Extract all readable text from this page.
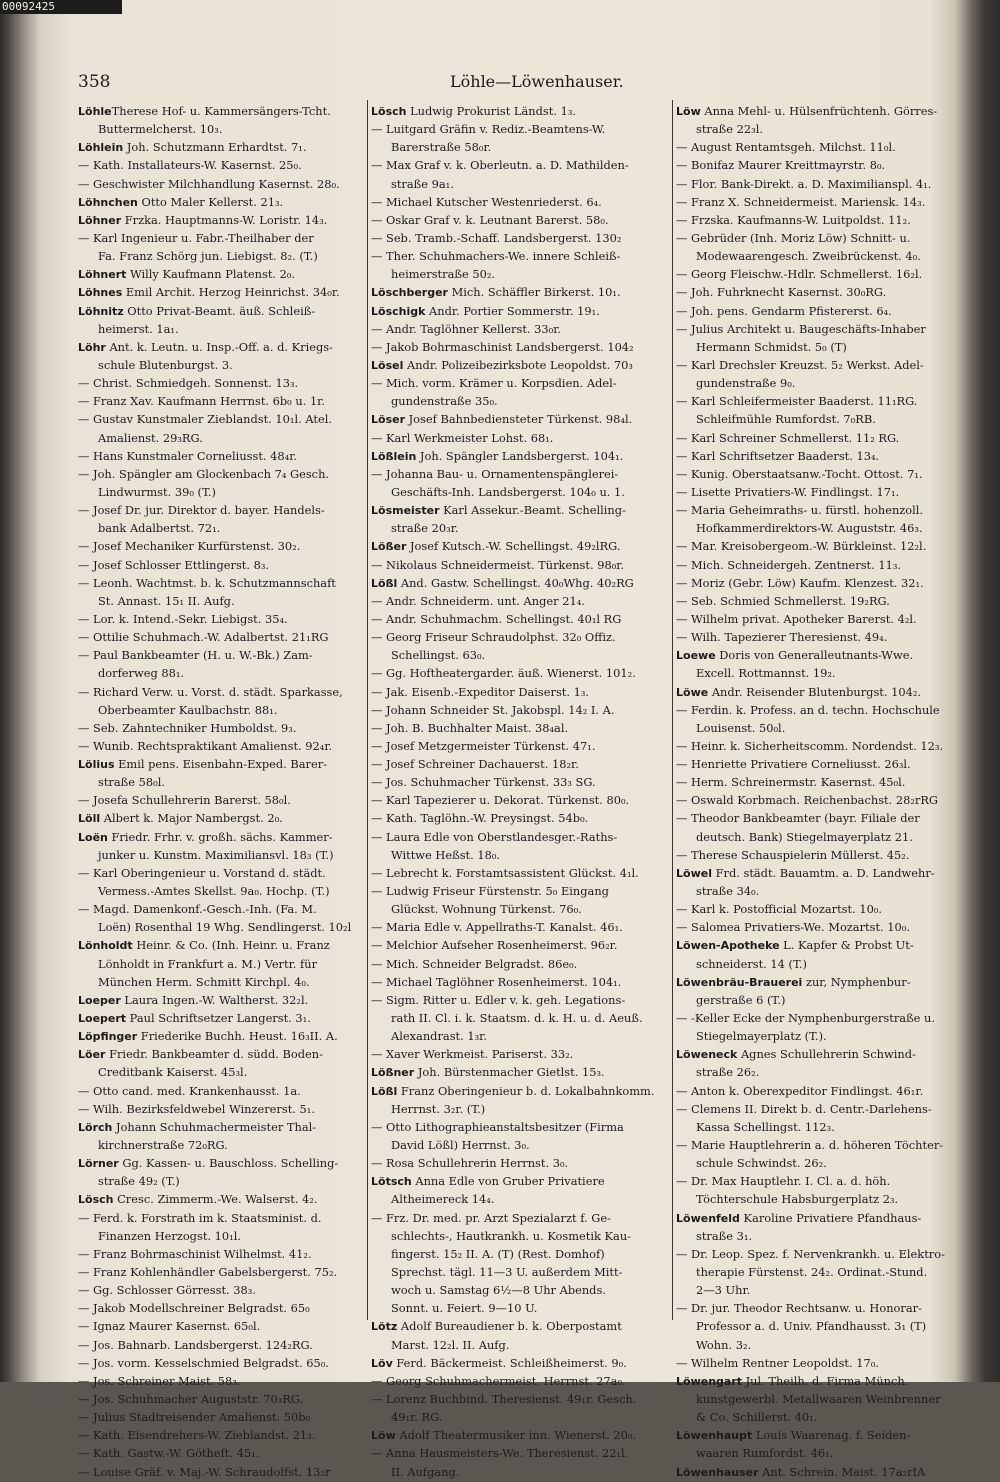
00092425
358	Löhle—Löwenhauser.
LöhleTherese Hof- u. Kammersängers-Tcht.
Buttermelcherst. 10₃.
Löhlein Joh. Schutzmann Erhardtst. 7₁.
— Kath. Installateurs-W. Kasernst. 25₀.
— Geschwister Milchhandlung Kasernst. 28₀.
Löhnchen Otto Maler Kellerst. 21₃.
Löhner Frzka. Hauptmanns-W. Loristr. 14₃.
— Karl Ingenieur u. Fabr.-Theilhaber der
Fa. Franz Schörg jun. Liebigst. 8₂. (T.)
Löhnert Willy Kaufmann Platenst. 2₀.
Löhnes Emil Archit. Herzog Heinrichst. 34₀r.
Löhnitz Otto Privat-Beamt. äuß. Schleiß-
heimerst. 1a₁.
Löhr Ant. k. Leutn. u. Insp.-Off. a. d. Kriegs-
schule Blutenburgst. 3.
— Christ. Schmiedgeh. Sonnenst. 13₃.
— Franz Xav. Kaufmann Herrnst. 6b₀ u. 1r.
— Gustav Kunstmaler Zieblandst. 10₁l. Atel.
Amalienst. 29₃RG.
— Hans Kunstmaler Corneliusst. 48₄r.
— Joh. Spängler am Glockenbach 7₄ Gesch.
Lindwurmst. 39₀ (T.)
— Josef Dr. jur. Direktor d. bayer. Handels-
bank Adalbertst. 72₁.
— Josef Mechaniker Kurfürstenst. 30₂.
— Josef Schlosser Ettlingerst. 8₃.
— Leonh. Wachtmst. b. k. Schutzmannschaft
St. Annast. 15₁ II. Aufg.
— Lor. k. Intend.-Sekr. Liebigst. 35₄.
— Ottilie Schuhmach.-W. Adalbertst. 21₁RG
— Paul Bankbeamter (H. u. W.-Bk.) Zam-
dorferweg 88₁.
— Richard Verw. u. Vorst. d. städt. Sparkasse,
Oberbeamter Kaulbachstr. 88₁.
— Seb. Zahntechniker Humboldst. 9₃.
— Wunib. Rechtspraktikant Amalienst. 92₄r.
Lölius Emil pens. Eisenbahn-Exped. Barer-
straße 58₀l.
— Josefa Schullehrerin Barerst. 58₀l.
Löll Albert k. Major Nambergst. 2₀.
Loën Friedr. Frhr. v. großh. sächs. Kammer-
junker u. Kunstm. Maximiliansvl. 18₃ (T.)
— Karl Oberingenieur u. Vorstand d. städt.
Vermess.-Amtes Skellst. 9a₀. Hochp. (T.)
— Magd. Damenkonf.-Gesch.-Inh. (Fa. M.
Loën) Rosenthal 19 Whg. Sendlingerst. 10₂l
Lönholdt Heinr. & Co. (Inh. Heinr. u. Franz
Lönholdt in Frankfurt a. M.) Vertr. für
München Herm. Schmitt Kirchpl. 4₀.
Loeper Laura Ingen.-W. Waltherst. 32₂l.
Loepert Paul Schriftsetzer Langerst. 3₁.
Löpfinger Friederike Buchh. Heust. 16₃II. A.
Löer Friedr. Bankbeamter d. südd. Boden-
Creditbank Kaiserst. 45₃l.
— Otto cand. med. Krankenhausst. 1a.
— Wilh. Bezirksfeldwebel Winzererst. 5₁.
Lörch Johann Schuhmachermeister Thal-
kirchnerstraße 72₀RG.
Lörner Gg. Kassen- u. Bauschloss. Schelling-
straße 49₂ (T.)
Lösch Cresc. Zimmerm.-We. Walserst. 4₂.
— Ferd. k. Forstrath im k. Staatsminist. d.
Finanzen Herzogst. 10₁l.
— Franz Bohrmaschinist Wilhelmst. 41₂.
— Franz Kohlenhändler Gabelsbergerst. 75₂.
— Gg. Schlosser Görresst. 38₃.
— Jakob Modellschreiner Belgradst. 65₀
— Ignaz Maurer Kasernst. 65₀l.
— Jos. Bahnarb. Landsbergerst. 124₂RG.
— Jos. vorm. Kesselschmied Belgradst. 65₀.
— Jos. Schreiner Maist. 58₃.
— Jos. Schuhmacher Auguststr. 70₃RG.
— Julius Stadtreisender Amalienst. 50b₀
— Kath. Eisendrehers-W. Zieblandst. 21₃.
— Kath. Gastw.-W. Götheſt. 45₁.
— Louise Gräf. v. Maj.-W. Schraudolfst. 13₂r
Lösch Ludwig Prokurist Ländst. 1₃.
— Luitgard Gräfin v. Rediz.-Beamtens-W.
Barerstraße 58₀r.
— Max Graf v. k. Oberleutn. a. D. Mathilden-
straße 9a₁.
— Michael Kutscher Westenriederst. 6₄.
— Oskar Graf v. k. Leutnant Barerst. 58₀.
— Seb. Tramb.-Schaff. Landsbergerst. 130₂
— Ther. Schuhmachers-We. innere Schleiß-
heimerstraße 50₂.
Löschberger Mich. Schäffler Birkerst. 10₁.
Löschigk Andr. Portier Sommerstr. 19₁.
— Andr. Taglöhner Kellerst. 33₀r.
— Jakob Bohrmaschinist Landsbergerst. 104₂
Lösel Andr. Polizeibezirksbote Leopoldst. 70₃
— Mich. vorm. Krämer u. Korpsdien. Adel-
gundenstraße 35₀.
Löser Josef Bahnbediensteter Türkenst. 98₄l.
— Karl Werkmeister Lohst. 68₁.
Lößlein Joh. Spängler Landsbergerst. 104₁.
— Johanna Bau- u. Ornamentenspänglerei-
Geschäfts-Inh. Landsbergerst. 104₀ u. 1.
Lösmeister Karl Assekur.-Beamt. Schelling-
straße 20₃r.
Lößer Josef Kutsch.-W. Schellingst. 49₂lRG.
— Nikolaus Schneidermeist. Türkenst. 98₀r.
Lößl And. Gastw. Schellingst. 40₀Whg. 40₂RG
— Andr. Schneiderm. unt. Anger 21₄.
— Andr. Schuhmachm. Schellingst. 40₁l RG
— Georg Friseur Schraudolphst. 32₀ Offiz.
Schellingst. 63₀.
— Gg. Hoftheatergarder. äuß. Wienerst. 101₂.
— Jak. Eisenb.-Expeditor Daiserst. 1₃.
— Johann Schneider St. Jakobspl. 14₂ I. A.
— Joh. B. Buchhalter Maist. 38₄al.
— Josef Metzgermeister Türkenst. 47₁.
— Josef Schreiner Dachauerst. 18₂r.
— Jos. Schuhmacher Türkenst. 33₃ SG.
— Karl Tapezierer u. Dekorat. Türkenst. 80₀.
— Kath. Taglöhn.-W. Preysingst. 54b₀.
— Laura Edle von Oberstlandesger.-Raths-
Wittwe Heßst. 18₀.
— Lebrecht k. Forstamtsassistent Glückst. 4₁l.
— Ludwig Friseur Fürstenstr. 5₀ Eingang
Glückst. Wohnung Türkenst. 76₀.
— Maria Edle v. Appellraths-T. Kanalst. 46₁.
— Melchior Aufseher Rosenheimerst. 96₂r.
— Mich. Schneider Belgradst. 86e₀.
— Michael Taglöhner Rosenheimerst. 104₁.
— Sigm. Ritter u. Edler v. k. geh. Legations-
rath II. Cl. i. k. Staatsm. d. k. H. u. d. Aeuß.
Alexandrast. 1₃r.
— Xaver Werkmeist. Pariserst. 33₂.
Lößner Joh. Bürstenmacher Gietlst. 15₃.
Lößl Franz Oberingenieur b. d. Lokalbahnkomm.
Herrnst. 3₂r. (T.)
— Otto Lithographieanstaltsbesitzer (Firma
David Lößl) Herrnst. 3₀.
— Rosa Schullehrerin Herrnst. 3₀.
Lötsch Anna Edle von Gruber Privatiere
Altheimereck 14₄.
— Frz. Dr. med. pr. Arzt Spezialarzt f. Ge-
schlechts-, Hautkrankh. u. Kosmetik Kau-
fingerst. 15₂ II. A. (T) (Rest. Domhof)
Sprechst. tägl. 11—3 U. außerdem Mitt-
woch u. Samstag 6½—8 Uhr Abends.
Sonnt. u. Feiert. 9—10 U.
Lötz Adolf Bureaudiener b. k. Oberpostamt
Marst. 12₂l. II. Aufg.
Löv Ferd. Bäckermeist. Schleißheimerst. 9₀.
— Georg Schuhmachermeist. Herrnst. 27a₀.
— Lorenz Buchbind. Theresienst. 49₁r. Gesch.
49₁r. RG.
Löw Adolf Theatermusiker inn. Wienerst. 20₀.
— Anna Hausmeisters-We. Theresienst. 22₁l.
II. Aufgang.
Löw Anna Mehl- u. Hülsenfrüchtenh. Görres-
straße 22₃l.
— August Rentamtsgeh. Milchst. 11₀l.
— Bonifaz Maurer Kreittmayrstr. 8₀.
— Flor. Bank-Direkt. a. D. Maximilianspl. 4₁.
— Franz X. Schneidermeist. Mariensk. 14₃.
— Frzska. Kaufmanns-W. Luitpoldst. 11₂.
— Gebrüder (Inh. Moriz Löw) Schnitt- u.
Modewaarengesch. Zweibrückenst. 4₀.
— Georg Fleischw.-Hdlr. Schmellerst. 16₂l.
— Joh. Fuhrknecht Kasernst. 30₀RG.
— Joh. pens. Gendarm Pfistererst. 6₄.
— Julius Architekt u. Baugeschäfts-Inhaber
Hermann Schmidst. 5₀ (T)
— Karl Drechsler Kreuzst. 5₂ Werkst. Adel-
gundenstraße 9₀.
— Karl Schleifermeister Baaderst. 11₁RG.
Schleifmühle Rumfordst. 7₀RB.
— Karl Schreiner Schmellerst. 11₂ RG.
— Karl Schriftsetzer Baaderst. 13₄.
— Kunig. Oberstaatsanw.-Tocht. Ottost. 7₁.
— Lisette Privatiers-W. Findlingst. 17₁.
— Maria Geheimraths- u. fürstl. hohenzoll.
Hofkammerdirektors-W. Auguststr. 46₃.
— Mar. Kreisobergeom.-W. Bürkleinst. 12₂l.
— Mich. Schneidergeh. Zentnerst. 11₃.
— Moriz (Gebr. Löw) Kaufm. Klenzest. 32₁.
— Seb. Schmied Schmellerst. 19₂RG.
— Wilhelm privat. Apotheker Barerst. 4₂l.
— Wilh. Tapezierer Theresienst. 49₄.
Loewe Doris von Generalleutnants-Wwe.
Excell. Rottmannst. 19₂.
Löwe Andr. Reisender Blutenburgst. 104₂.
— Ferdin. k. Profess. an d. techn. Hochschule
Louisenst. 50₀l.
— Heinr. k. Sicherheitscomm. Nordendst. 12₃.
— Henriette Privatiere Corneliusst. 26₃l.
— Herm. Schreinermstr. Kasernst. 45₀l.
— Oswald Korbmach. Reichenbachst. 28₂rRG
— Theodor Bankbeamter (bayr. Filiale der
deutsch. Bank) Stiegelmayerplatz 21.
— Therese Schauspielerin Müllerst. 45₂.
Löwel Frd. städt. Bauamtm. a. D. Landwehr-
straße 34₀.
— Karl k. Postofficial Mozartst. 10₀.
— Salomea Privatiers-We. Mozartst. 10₀.
Löwen-Apotheke L. Kapfer & Probst Ut-
schneiderst. 14 (T.)
Löwenbräu-Brauerei zur, Nymphenbur-
gerstraße 6 (T.)
— -Keller Ecke der Nymphenburgerstraße u.
Stiegelmayerplatz (T.).
Löweneck Agnes Schullehrerin Schwind-
straße 26₂.
— Anton k. Oberexpeditor Findlingst. 46₁r.
— Clemens II. Direkt b. d. Centr.-Darlehens-
Kassa Schellingst. 112₃.
— Marie Hauptlehrerin a. d. höheren Töchter-
schule Schwindst. 26₂.
— Dr. Max Hauptlehr. I. Cl. a. d. höh.
Töchterschule Habsburgerplatz 2₃.
Löwenfeld Karoline Privatiere Pfandhaus-
straße 3₁.
— Dr. Leop. Spez. f. Nervenkrankh. u. Elektro-
therapie Fürstenst. 24₂. Ordinat.-Stund.
2—3 Uhr.
— Dr. jur. Theodor Rechtsanw. u. Honorar-
Professor a. d. Univ. Pfandhausst. 3₁ (T)
Wohn. 3₂.
— Wilhelm Rentner Leopoldst. 17₀.
Löwengart Jul. Theilh. d. Firma Münch.
kunstgewerbl. Metallwaaren Weinbrenner
& Co. Schillerst. 40₁.
Löwenhaupt Louis Waarenag. f. Seiden-
waaren Rumfordst. 46₁.
Löwenhauser Ant. Schrein. Maist. 17a₂rIA
